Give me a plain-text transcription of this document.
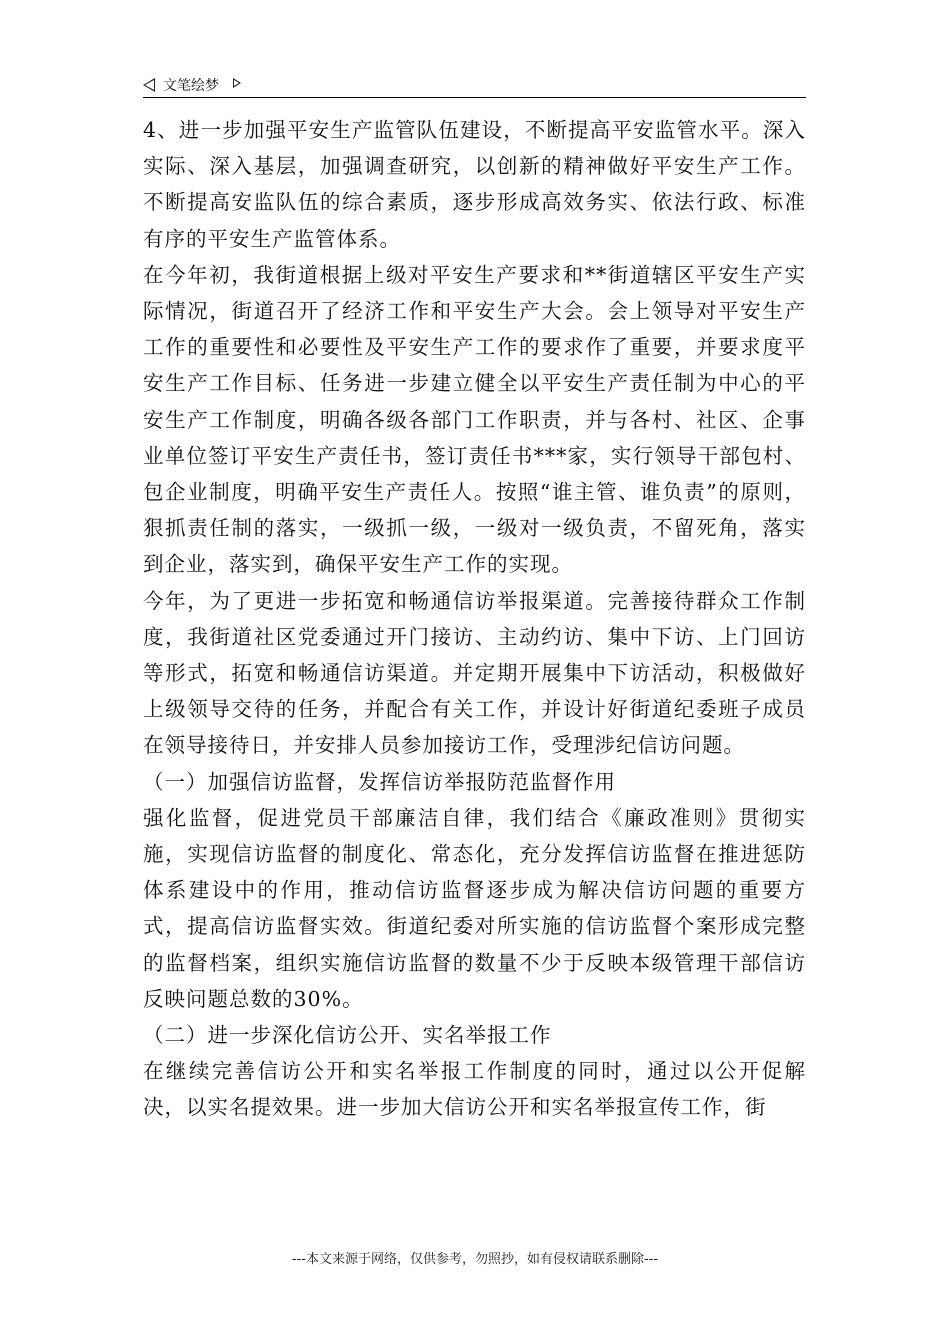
文笔绘梦

4、进一步加强平安生产监管队伍建设，不断提高平安监管水平。深入实际、深入基层，加强调查研究，以创新的精神做好平安生产工作。不断提高安监队伍的综合素质，逐步形成高效务实、依法行政、标准有序的平安生产监管体系。

在今年初，我街道根据上级对平安生产要求和**街道辖区平安生产实际情况，街道召开了经济工作和平安生产大会。会上领导对平安生产工作的重要性和必要性及平安生产工作的要求作了重要，并要求度平安生产工作目标、任务进一步建立健全以平安生产责任制为中心的平安生产工作制度，明确各级各部门工作职责，并与各村、社区、企事业单位签订平安生产责任书，签订责任书***家，实行领导干部包村、包企业制度，明确平安生产责任人。按照“谁主管、谁负责”的原则，狠抓责任制的落实，一级抓一级，一级对一级负责，不留死角，落实到企业，落实到，确保平安生产工作的实现。

今年，为了更进一步拓宽和畅通信访举报渠道。完善接待群众工作制度，我街道社区党委通过开门接访、主动约访、集中下访、上门回访等形式，拓宽和畅通信访渠道。并定期开展集中下访活动，积极做好上级领导交待的任务，并配合有关工作，并设计好街道纪委班子成员在领导接待日，并安排人员参加接访工作，受理涉纪信访问题。

（一）加强信访监督，发挥信访举报防范监督作用

强化监督，促进党员干部廉洁自律，我们结合《廉政准则》贯彻实施，实现信访监督的制度化、常态化，充分发挥信访监督在推进惩防体系建设中的作用，推动信访监督逐步成为解决信访问题的重要方式，提高信访监督实效。街道纪委对所实施的信访监督个案形成完整的监督档案，组织实施信访监督的数量不少于反映本级管理干部信访反映问题总数的30%。

（二）进一步深化信访公开、实名举报工作

在继续完善信访公开和实名举报工作制度的同时，通过以公开促解决，以实名提效果。进一步加大信访公开和实名举报宣传工作，街

---本文来源于网络，仅供参考，勿照抄，如有侵权请联系删除---
